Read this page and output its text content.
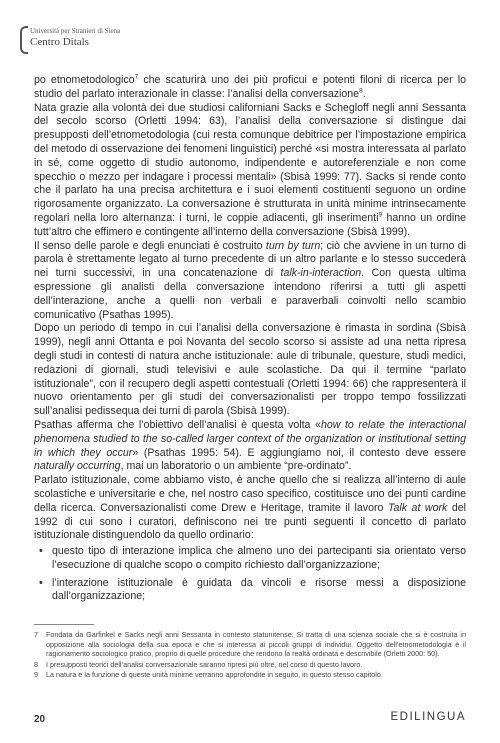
Università per Stranieri di Siena
Centro Ditals

po etnometodologico$^7$ che scaturirà uno dei più proficui e potenti filoni di ricerca per lo studio del parlato interazionale in classe: l’analisi della conversazione$^8$.

Nata grazie alla volontà dei due studiosi californiani Sacks e Schegloff negli anni Sessanta del secolo scorso (Orletti 1994: 63), l’analisi della conversazione si distingue dai presupposti dell’etnometodologia (cui resta comunque debitrice per l’impostazione empirica del metodo di osservazione dei fenomeni linguistici) perché «si mostra interessata al parlato in sé, come oggetto di studio autonomo, indipendente e autoreferenziale e non come specchio o mezzo per indagare i processi mentali» (Sbisà 1999: 77). Sacks si rende conto che il parlato ha una precisa architettura e i suoi elementi costituenti seguono un ordine rigorosamente organizzato. La conversazione è strutturata in unità minime intrinsecamente regolari nella loro alternanza: i turni, le coppie adiacenti, gli inserimenti$^9$ hanno un ordine tutt’altro che effimero e contingente all’interno della conversazione (Sbisà 1999).

Il senso delle parole e degli enunciati è costruito turn by turn; ciò che avviene in un turno di parola è strettamente legato al turno precedente di un altro parlante e lo stesso succederà nei turni successivi, in una concatenazione di talk-in-interaction. Con questa ultima espressione gli analisti della conversazione intendono riferirsi a tutti gli aspetti dell’interazione, anche a quelli non verbali e paraverbali coinvolti nello scambio comunicativo (Psathas 1995).

Dopo un periodo di tempo in cui l’analisi della conversazione è rimasta in sordina (Sbisà 1999), negli anni Ottanta e poi Novanta del secolo scorso si assiste ad una netta ripresa degli studi in contesti di natura anche istituzionale: aule di tribunale, questure, studi medici, redazioni di giornali, studi televisivi e aule scolastiche. Da qui il termine “parlato istituzionale”, con il recupero degli aspetti contestuali (Orletti 1994: 66) che rappresenterà il nuovo orientamento per gli studi dei conversazionalisti per troppo tempo fossilizzati sull’analisi pedissequa dei turni di parola (Sbisà 1999).

Psathas afferma che l’obiettivo dell’analisi è questa volta «how to relate the interactional phenomena studied to the so-called larger context of the organization or institutional setting in which they occur» (Psathas 1995: 54). E aggiungiamo noi, il contesto deve essere naturally occurring, mai un laboratorio o un ambiente “pre-ordinato”.

Parlato istituzionale, come abbiamo visto, è anche quello che si realizza all’interno di aule scolastiche e universitarie e che, nel nostro caso specifico, costituisce uno dei punti cardine della ricerca. Conversazionalisti come Drew e Heritage, tramite il lavoro Talk at work del 1992 di cui sono i curatori, definiscono nei tre punti seguenti il concetto di parlato istituzionale distinguendolo da quello ordinario:

• questo tipo di interazione implica che almeno uno dei partecipanti sia orientato verso l’esecuzione di qualche scopo o compito richiesto dall’organizzazione;
• l’interazione istituzionale è guidata da vincoli e risorse messi a disposizione dall’organizzazione;
7	Fondata da Garfinkel e Sacks negli anni Sessanta in contesto statunitense. Si tratta di una scienza sociale che si è costruita in opposizione alla sociologia della sua epoca e che si interessa ai piccoli gruppi di individui. Oggetto dell’etnometodologia è il ragionamento sociologico pratico, proprio di quelle procedure che rendono la realtà ordinata e descrivibile (Orletti 2000: 50).
8	I presupposti teorici dell’analisi conversazionale saranno ripresi più oltre, nel corso di questo lavoro.
9	La natura e la funzione di queste unità minime verranno approfondite in seguito, in questo stesso capitolo.
20	EDILINGUA
